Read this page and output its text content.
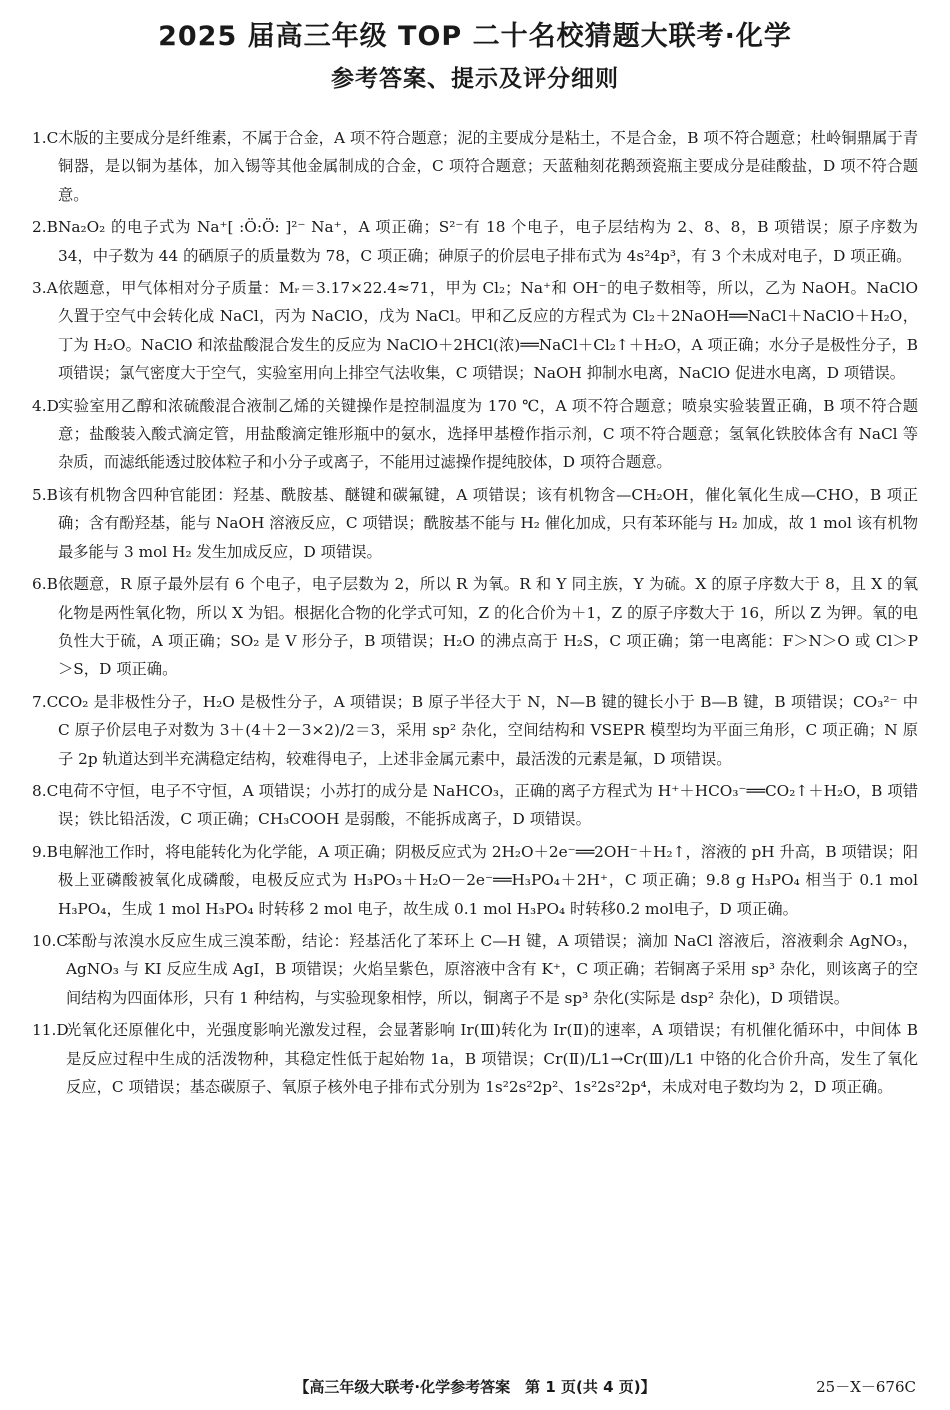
2025 届高三年级 TOP 二十名校猜题大联考·化学
参考答案、提示及评分细则
1.C 木版的主要成分是纤维素，不属于合金，A 项不符合题意；泥的主要成分是粘土，不是合金，B 项不符合题意；杜岭铜鼎属于青铜器，是以铜为基体，加入锡等其他金属制成的合金，C 项符合题意；天蓝釉刻花鹅颈瓷瓶主要成分是硅酸盐，D 项不符合题意。
2.B Na₂O₂ 的电子式为 Na⁺[ :Ö:Ö: ]²⁻ Na⁺，A 项正确；S²⁻有 18 个电子，电子层结构为 2、8、8，B 项错误；原子序数为 34，中子数为 44 的硒原子的质量数为 78，C 项正确；砷原子的价层电子排布式为 4s²4p³，有 3 个未成对电子，D 项正确。
3.A 依题意，甲气体相对分子质量：Mᵣ＝3.17×22.4≈71，甲为 Cl₂；Na⁺和 OH⁻的电子数相等，所以，乙为 NaOH。NaClO 久置于空气中会转化成 NaCl，丙为 NaClO，戊为 NaCl。甲和乙反应的方程式为 Cl₂＋2NaOH══NaCl＋NaClO＋H₂O，丁为 H₂O。NaClO 和浓盐酸混合发生的反应为 NaClO＋2HCl(浓)══NaCl＋Cl₂↑＋H₂O，A 项正确；水分子是极性分子，B 项错误；氯气密度大于空气，实验室用向上排空气法收集，C 项错误；NaOH 抑制水电离，NaClO 促进水电离，D 项错误。
4.D 实验室用乙醇和浓硫酸混合液制乙烯的关键操作是控制温度为 170 ℃，A 项不符合题意；喷泉实验装置正确，B 项不符合题意；盐酸装入酸式滴定管，用盐酸滴定锥形瓶中的氨水，选择甲基橙作指示剂，C 项不符合题意；氢氧化铁胶体含有 NaCl 等杂质，而滤纸能透过胶体粒子和小分子或离子，不能用过滤操作提纯胶体，D 项符合题意。
5.B 该有机物含四种官能团：羟基、酰胺基、醚键和碳氟键，A 项错误；该有机物含—CH₂OH，催化氧化生成—CHO，B 项正确；含有酚羟基，能与 NaOH 溶液反应，C 项错误；酰胺基不能与 H₂ 催化加成，只有苯环能与 H₂ 加成，故 1 mol 该有机物最多能与 3 mol H₂ 发生加成反应，D 项错误。
6.B 依题意，R 原子最外层有 6 个电子，电子层数为 2，所以 R 为氧。R 和 Y 同主族，Y 为硫。X 的原子序数大于 8，且 X 的氧化物是两性氧化物，所以 X 为铝。根据化合物的化学式可知，Z 的化合价为＋1，Z 的原子序数大于 16，所以 Z 为钾。氧的电负性大于硫，A 项正确；SO₂ 是 V 形分子，B 项错误；H₂O 的沸点高于 H₂S，C 项正确；第一电离能：F＞N＞O 或 Cl＞P＞S，D 项正确。
7.C CO₂ 是非极性分子，H₂O 是极性分子，A 项错误；B 原子半径大于 N，N—B 键的键长小于 B—B 键，B 项错误；CO₃²⁻ 中 C 原子价层电子对数为 3＋(4＋2－3×2)/2＝3，采用 sp² 杂化，空间结构和 VSEPR 模型均为平面三角形，C 项正确；N 原子 2p 轨道达到半充满稳定结构，较难得电子，上述非金属元素中，最活泼的元素是氟，D 项错误。
8.C 电荷不守恒，电子不守恒，A 项错误；小苏打的成分是 NaHCO₃，正确的离子方程式为 H⁺＋HCO₃⁻══CO₂↑＋H₂O，B 项错误；铁比铅活泼，C 项正确；CH₃COOH 是弱酸，不能拆成离子，D 项错误。
9.B 电解池工作时，将电能转化为化学能，A 项正确；阴极反应式为 2H₂O＋2e⁻══2OH⁻＋H₂↑，溶液的 pH 升高，B 项错误；阳极上亚磷酸被氧化成磷酸，电极反应式为 H₃PO₃＋H₂O－2e⁻══H₃PO₄＋2H⁺，C 项正确；9.8 g H₃PO₄ 相当于 0.1 mol H₃PO₄，生成 1 mol H₃PO₄ 时转移 2 mol 电子，故生成 0.1 mol H₃PO₄ 时转移0.2 mol电子，D 项正确。
10.C
苯酚与浓溴水反应生成三溴苯酚，结论：羟基活化了苯环上 C—H 键，A 项错误；滴加 NaCl 溶液后，溶液剩余 AgNO₃，AgNO₃ 与 KI 反应生成 AgI，B 项错误；火焰呈紫色，原溶液中含有 K⁺，C 项正确；若铜离子采用 sp³ 杂化，则该离子的空间结构为四面体形，只有 1 种结构，与实验现象相悖，所以，铜离子不是 sp³ 杂化(实际是 dsp² 杂化)，D 项错误。
11.D
光氧化还原催化中，光强度影响光激发过程，会显著影响 Ir(Ⅲ)转化为 Ir(Ⅱ)的速率，A 项错误；有机催化循环中，中间体 B 是反应过程中生成的活泼物种，其稳定性低于起始物 1a，B 项错误；Cr(Ⅱ)/L1→Cr(Ⅲ)/L1 中铬的化合价升高，发生了氧化反应，C 项错误；基态碳原子、氧原子核外电子排布式分别为 1s²2s²2p²、1s²2s²2p⁴，未成对电子数均为 2，D 项正确。
【高三年级大联考·化学参考答案　第 1 页(共 4 页)】	25－X－676C
